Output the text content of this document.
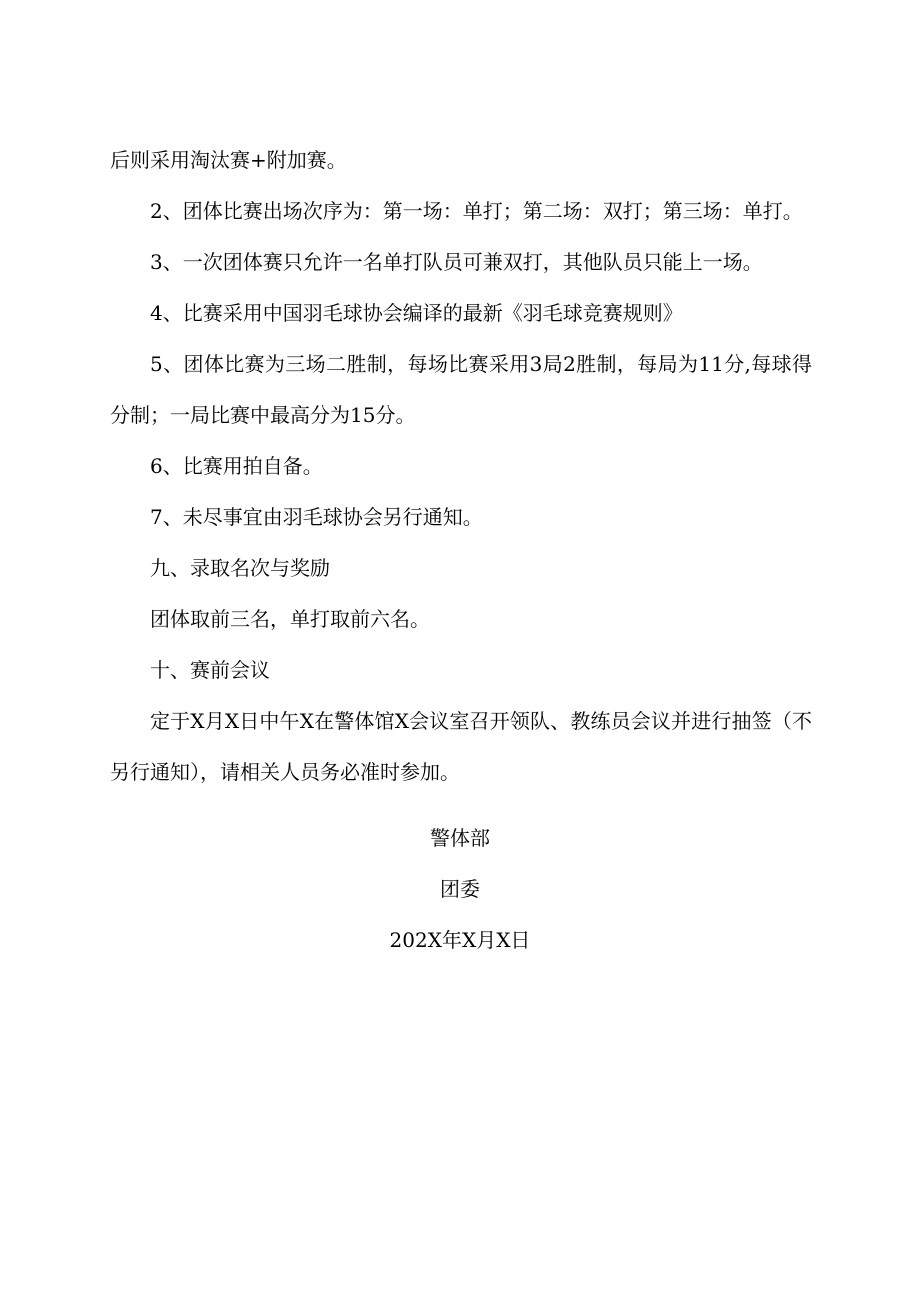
后则采用淘汰赛+附加赛。

2、团体比赛出场次序为：第一场：单打；第二场：双打；第三场：单打。

3、一次团体赛只允许一名单打队员可兼双打，其他队员只能上一场。

4、比赛采用中国羽毛球协会编译的最新《羽毛球竞赛规则》

5、团体比赛为三场二胜制，每场比赛采用3局2胜制，每局为11分,每球得分制；一局比赛中最高分为15分。

6、比赛用拍自备。

7、未尽事宜由羽毛球协会另行通知。

九、录取名次与奖励

团体取前三名，单打取前六名。

十、赛前会议

定于X月X日中午X在警体馆X会议室召开领队、教练员会议并进行抽签（不另行通知），请相关人员务必准时参加。

警体部

团委

202X年X月X日
